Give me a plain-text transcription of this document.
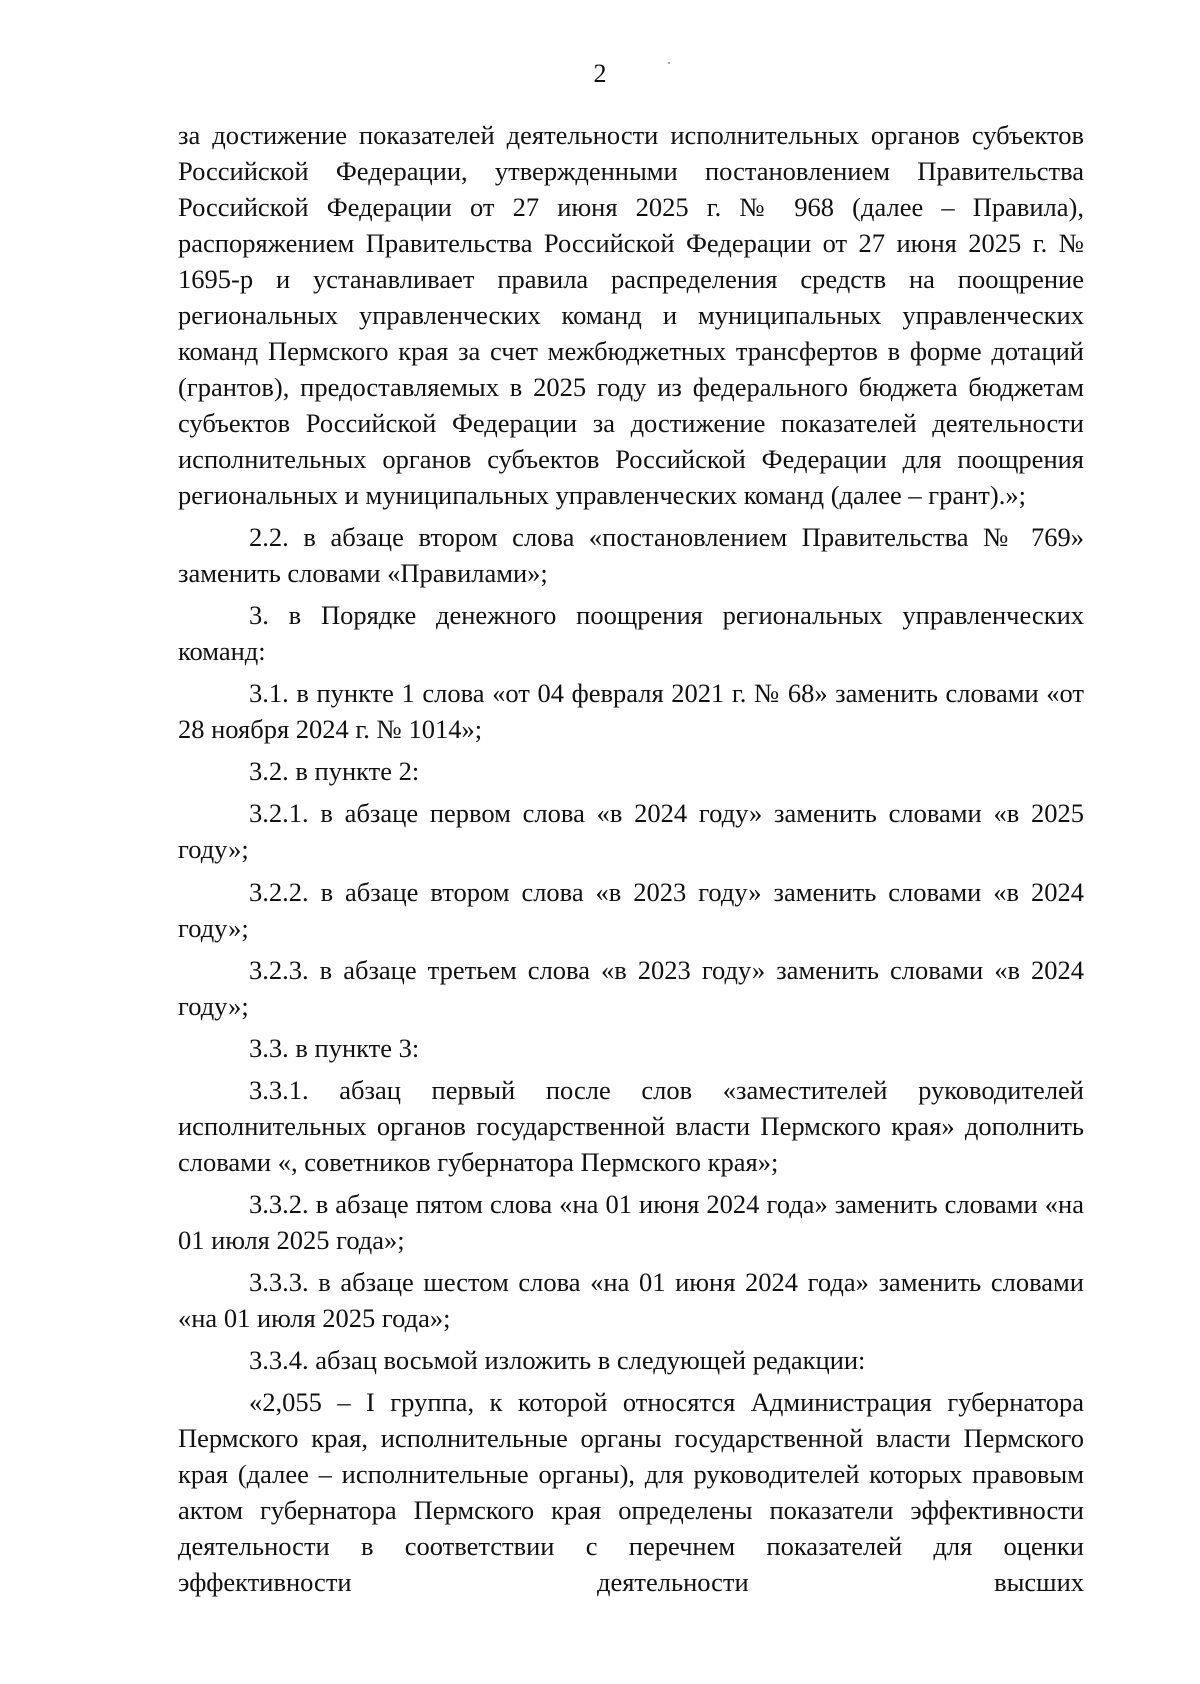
2

за достижение показателей деятельности исполнительных органов субъектов Российской Федерации, утвержденными постановлением Правительства Российской Федерации от 27 июня 2025 г. № 968 (далее – Правила), распоряжением Правительства Российской Федерации от 27 июня 2025 г. № 1695-р и устанавливает правила распределения средств на поощрение региональных управленческих команд и муниципальных управленческих команд Пермского края за счет межбюджетных трансфертов в форме дотаций (грантов), предоставляемых в 2025 году из федерального бюджета бюджетам субъектов Российской Федерации за достижение показателей деятельности исполнительных органов субъектов Российской Федерации для поощрения региональных и муниципальных управленческих команд (далее – грант).»;

2.2. в абзаце втором слова «постановлением Правительства № 769» заменить словами «Правилами»;

3. в Порядке денежного поощрения региональных управленческих команд:

3.1. в пункте 1 слова «от 04 февраля 2021 г. № 68» заменить словами «от 28 ноября 2024 г. № 1014»;

3.2. в пункте 2:

3.2.1. в абзаце первом слова «в 2024 году» заменить словами «в 2025 году»;

3.2.2. в абзаце втором слова «в 2023 году» заменить словами «в 2024 году»;

3.2.3. в абзаце третьем слова «в 2023 году» заменить словами «в 2024 году»;

3.3. в пункте 3:

3.3.1. абзац первый после слов «заместителей руководителей исполнительных органов государственной власти Пермского края» дополнить словами «, советников губернатора Пермского края»;

3.3.2. в абзаце пятом слова «на 01 июня 2024 года» заменить словами «на 01 июля 2025 года»;

3.3.3. в абзаце шестом слова «на 01 июня 2024 года» заменить словами «на 01 июля 2025 года»;

3.3.4. абзац восьмой изложить в следующей редакции:

«2,055 – I группа, к которой относятся Администрация губернатора Пермского края, исполнительные органы государственной власти Пермского края (далее – исполнительные органы), для руководителей которых правовым актом губернатора Пермского края определены показатели эффективности деятельности в соответствии с перечнем показателей для оценки эффективности деятельности высших
